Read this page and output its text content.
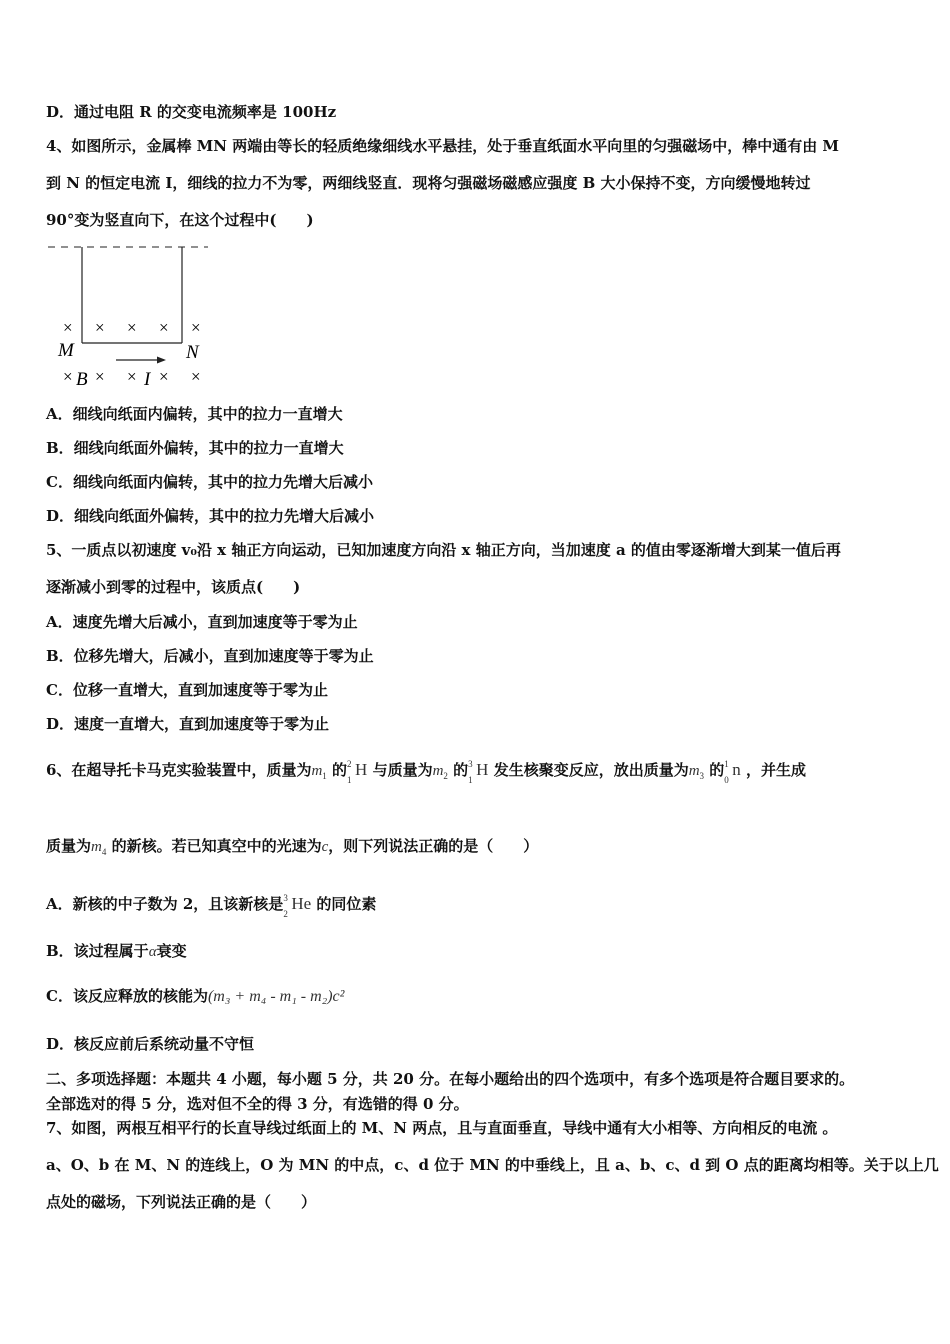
D．通过电阻 R 的交变电流频率是 100Hz
4、如图所示，金属棒 MN 两端由等长的轻质绝缘细线水平悬挂，处于垂直纸面水平向里的匀强磁场中，棒中通有由 M
到 N 的恒定电流 I，细线的拉力不为零，两细线竖直．现将匀强磁场磁感应强度 B 大小保持不变，方向缓慢地转过
90°变为竖直向下，在这个过程中(　　)
× × × × ×
M	N
× B × × I × ×
A．细线向纸面内偏转，其中的拉力一直增大
B．细线向纸面外偏转，其中的拉力一直增大
C．细线向纸面内偏转，其中的拉力先增大后减小
D．细线向纸面外偏转，其中的拉力先增大后减小
5、一质点以初速度 v₀沿 x 轴正方向运动，已知加速度方向沿 x 轴正方向，当加速度 a 的值由零逐渐增大到某一值后再
逐渐减小到零的过程中，该质点(　　)
A．速度先增大后减小，直到加速度等于零为止
B．位移先增大，后减小，直到加速度等于零为止
C．位移一直增大，直到加速度等于零为止
D．速度一直增大，直到加速度等于零为止
6、在超导托卡马克实验装置中，质量为$m_1$ 的 2
1
H 与质量为$m_2$ 的 3
1
H 发生核聚变反应，放出质量为$m_3$ 的 1
0
n ，并生成
质量为$m_4$ 的新核。若已知真空中的光速为c，则下列说法正确的是（　　）
A．新核的中子数为 2，且该新核是 3
2
He 的同位素
B．该过程属于α衰变
C．该反应释放的核能为(m₃ + m₄ - m₁ - m₂)c²
D．核反应前后系统动量不守恒
二、多项选择题：本题共 4 小题，每小题 5 分，共 20 分。在每小题给出的四个选项中，有多个选项是符合题目要求的。
全部选对的得 5 分，选对但不全的得 3 分，有选错的得 0 分。
7、如图，两根互相平行的长直导线过纸面上的 M、N 两点，且与直面垂直，导线中通有大小相等、方向相反的电流 。
a、O、b 在 M、N 的连线上，O 为 MN 的中点，c、d 位于 MN 的中垂线上，且 a、b、c、d 到 O 点的距离均相等。关于以上几
点处的磁场，下列说法正确的是（　　）
